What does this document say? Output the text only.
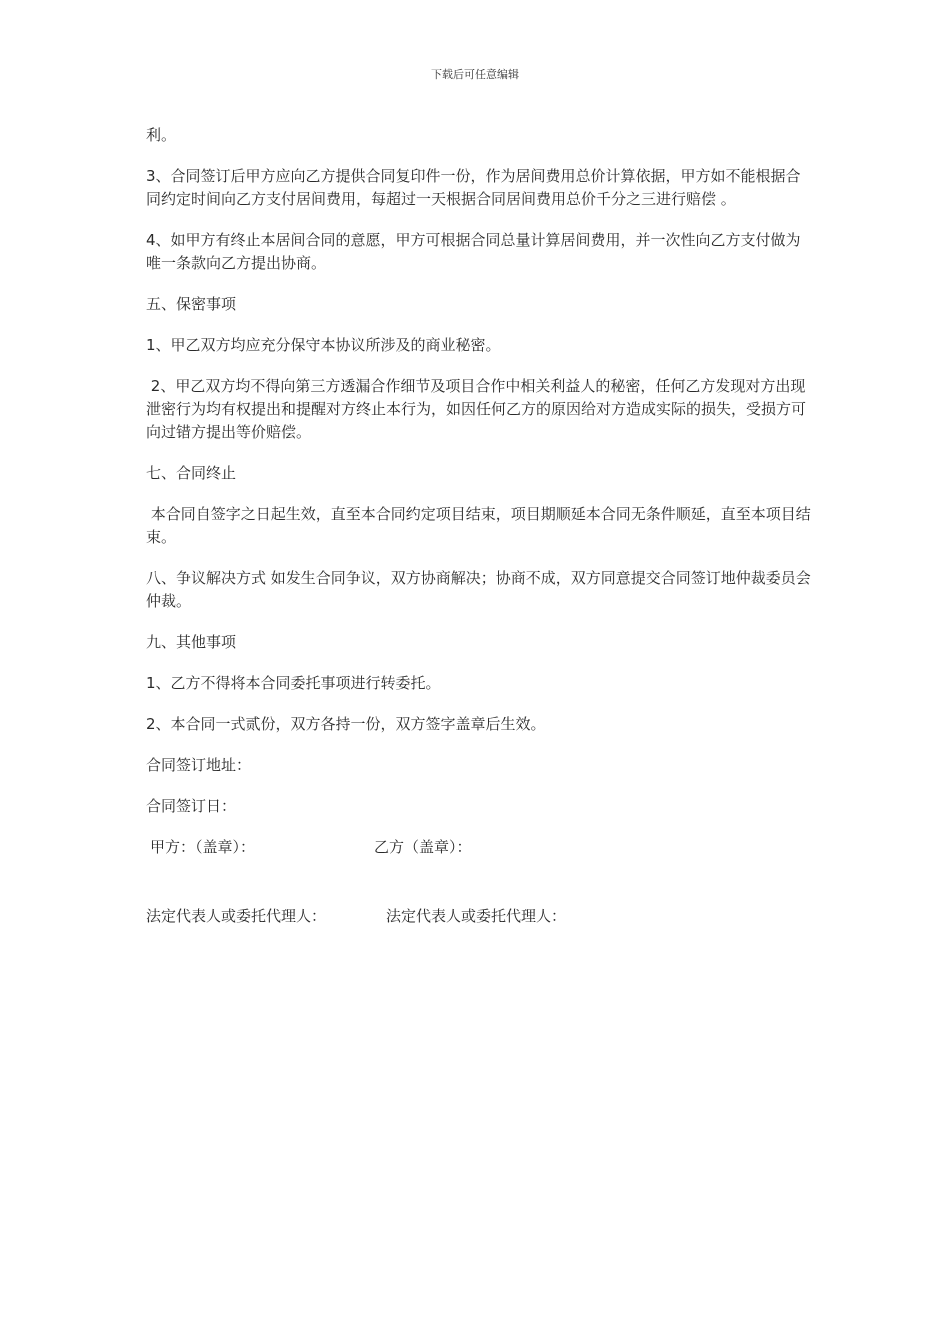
下载后可任意编辑

利。

3、合同签订后甲方应向乙方提供合同复印件一份，作为居间费用总价计算依据，甲方如不能根据合同约定时间向乙方支付居间费用，每超过一天根据合同居间费用总价千分之三进行赔偿 。

4、如甲方有终止本居间合同的意愿，甲方可根据合同总量计算居间费用，并一次性向乙方支付做为唯一条款向乙方提出协商。

五、保密事项

1、甲乙双方均应充分保守本协议所涉及的商业秘密。

2、甲乙双方均不得向第三方透漏合作细节及项目合作中相关利益人的秘密，任何乙方发现对方出现泄密行为均有权提出和提醒对方终止本行为，如因任何乙方的原因给对方造成实际的损失，受损方可向过错方提出等价赔偿。

七、合同终止

本合同自签字之日起生效，直至本合同约定项目结束，项目期顺延本合同无条件顺延，直至本项目结束。

八、争议解决方式 如发生合同争议，双方协商解决；协商不成，双方同意提交合同签订地仲裁委员会仲裁。

九、其他事项

1、乙方不得将本合同委托事项进行转委托。

2、本合同一式贰份，双方各持一份，双方签字盖章后生效。

合同签订地址：

合同签订日：

甲方：（盖章）：	乙方（盖章）：
法定代表人或委托代理人：	法定代表人或委托代理人：
